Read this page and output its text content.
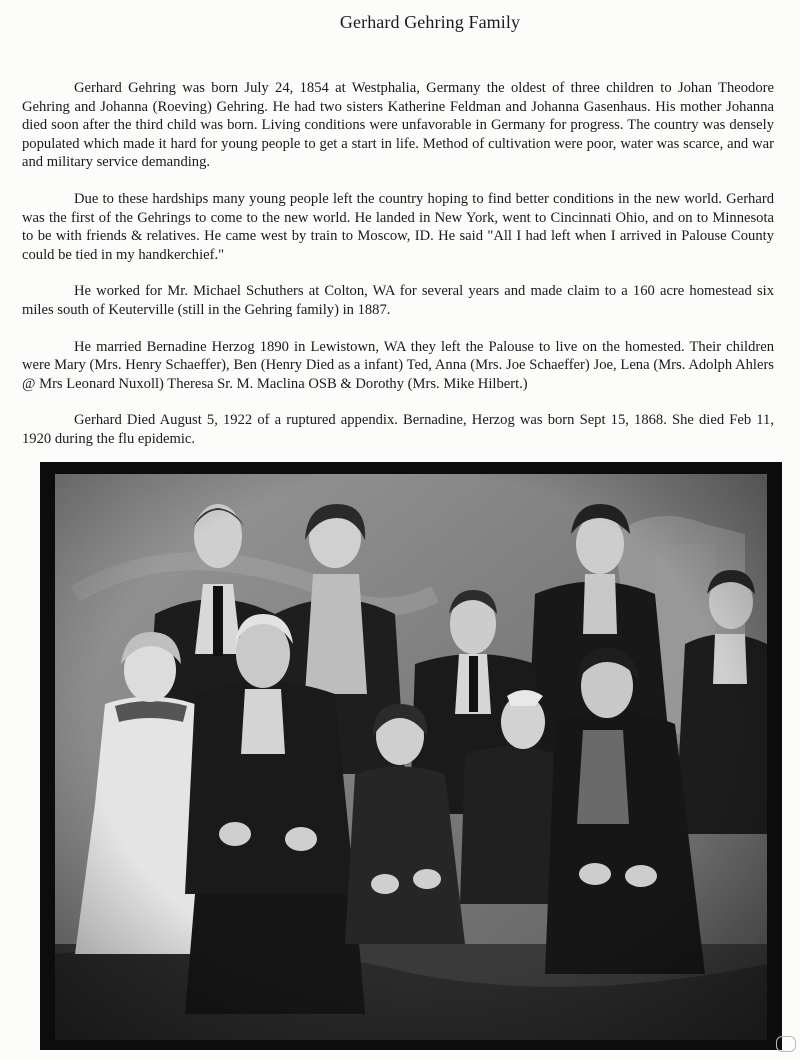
Gerhard Gehring Family

Gerhard Gehring was born July 24, 1854 at Westphalia, Germany the oldest of three children to Johan Theodore Gehring and Johanna (Roeving) Gehring. He had two sisters Katherine Feldman and Johanna Gasenhaus. His mother Johanna died soon after the third child was born. Living conditions were unfavorable in Germany for progress. The country was densely populated which made it hard for young people to get a start in life. Method of cultivation were poor, water was scarce, and war and military service demanding.

Due to these hardships many young people left the country hoping to find better conditions in the new world. Gerhard was the first of the Gehrings to come to the new world. He landed in New York, went to Cincinnati Ohio, and on to Minnesota to be with friends & relatives. He came west by train to Moscow, ID. He said "All I had left when I arrived in Palouse County could be tied in my handkerchief."

He worked for Mr. Michael Schuthers at Colton, WA for several years and made claim to a 160 acre homestead six miles south of Keuterville (still in the Gehring family) in 1887.

He married Bernadine Herzog 1890 in Lewistown, WA they left the Palouse to live on the homested. Their children were Mary (Mrs. Henry Schaeffer), Ben (Henry Died as a infant) Ted, Anna (Mrs. Joe Schaeffer) Joe, Lena (Mrs. Adolph Ahlers @ Mrs Leonard Nuxoll) Theresa Sr. M. Maclina OSB & Dorothy (Mrs. Mike Hilbert.)

Gerhard Died August 5, 1922 of a ruptured appendix. Bernadine, Herzog was born Sept 15, 1868. She died Feb 11, 1920 during the flu epidemic.
